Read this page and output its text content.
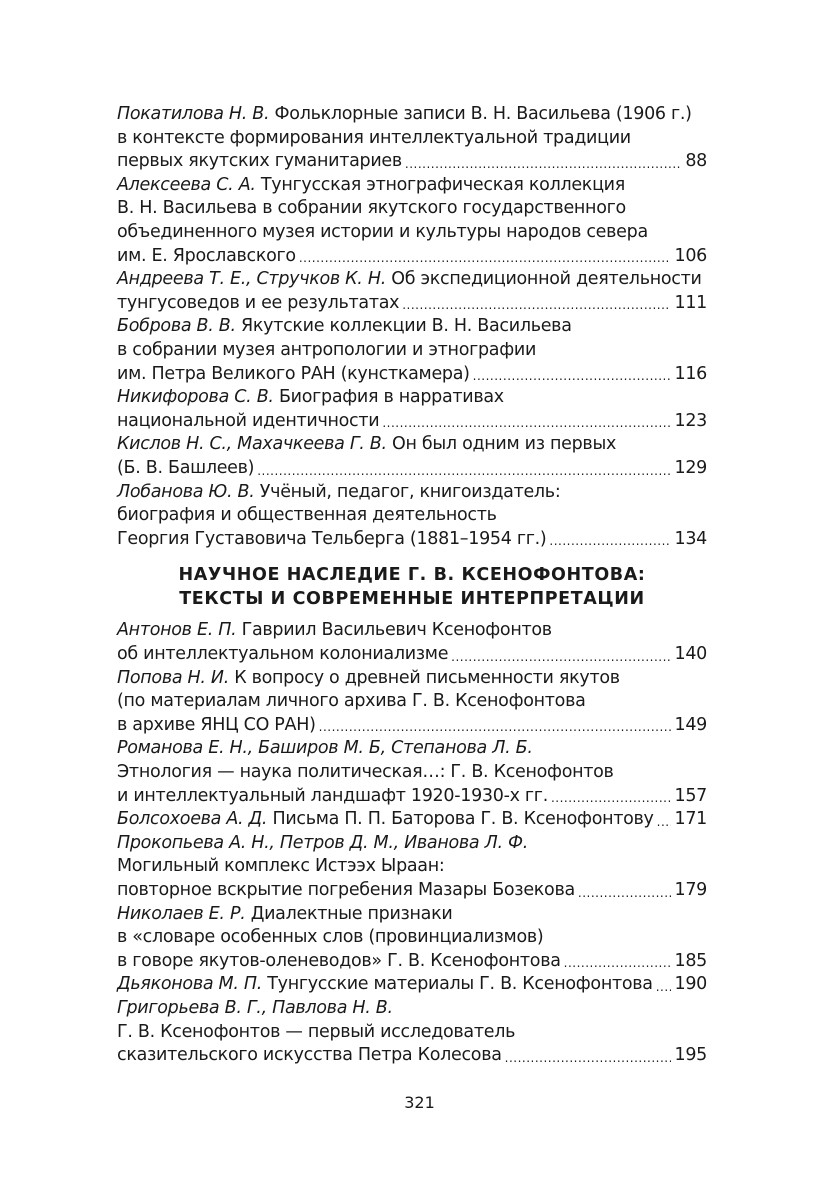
Покатилова Н. В. Фольклорные записи В. Н. Васильева (1906 г.)
в контексте формирования интеллектуальной традиции
первых якутских гуманитариев .....	88
Алексеева С. А. Тунгусская этнографическая коллекция
В. Н. Васильева в собрании якутского государственного
объединенного музея истории и культуры народов севера
им. Е. Ярославского .....	106
Андреева Т. Е., Стручков К. Н. Об экспедиционной деятельности
тунгусоведов и ее результатах .....	111
Боброва В. В. Якутские коллекции В. Н. Васильева
в собрании музея антропологии и этнографии
им. Петра Великого РАН (кунсткамера) .....	116
Никифорова С. В. Биография в нарративах
национальной идентичности .....	123
Кислов Н. С., Махачкеева Г. В. Он был одним из первых
(Б. В. Башлеев) .....	129
Лобанова Ю. В. Учёный, педагог, книгоиздатель:
биография и общественная деятельность
Георгия Густавовича Тельберга (1881–1954 гг.) .....	134
НАУЧНОЕ НАСЛЕДИЕ Г. В. КСЕНОФОНТОВА:
ТЕКСТЫ И СОВРЕМЕННЫЕ ИНТЕРПРЕТАЦИИ
Антонов Е. П. Гавриил Васильевич Ксенофонтов
об интеллектуальном колониализме .....	140
Попова Н. И. К вопросу о древней письменности якутов
(по материалам личного архива Г. В. Ксенофонтова
в архиве ЯНЦ СО РАН) .....	149
Романова Е. Н., Баширов М. Б, Степанова Л. Б.
Этнология — наука политическая…: Г. В. Ксенофонтов
и интеллектуальный ландшафт 1920-1930-х гг. .....	157
Болсохоева А. Д. Письма П. П. Баторова Г. В. Ксенофонтову ..... 171
Прокопьева А. Н., Петров Д. М., Иванова Л. Ф.
Могильный комплекс Истээх Ыраан:
повторное вскрытие погребения Мазары Бозекова .....	179
Николаев Е. Р. Диалектные признаки
в «словаре особенных слов (провинциализмов)
в говоре якутов-оленеводов» Г. В. Ксенофонтова .....	185
Дьяконова М. П. Тунгусские материалы Г. В. Ксенофонтова ..... 190
Григорьева В. Г., Павлова Н. В.
Г. В. Ксенофонтов — первый исследователь
сказительского искусства Петра Колесова .....	195
321
